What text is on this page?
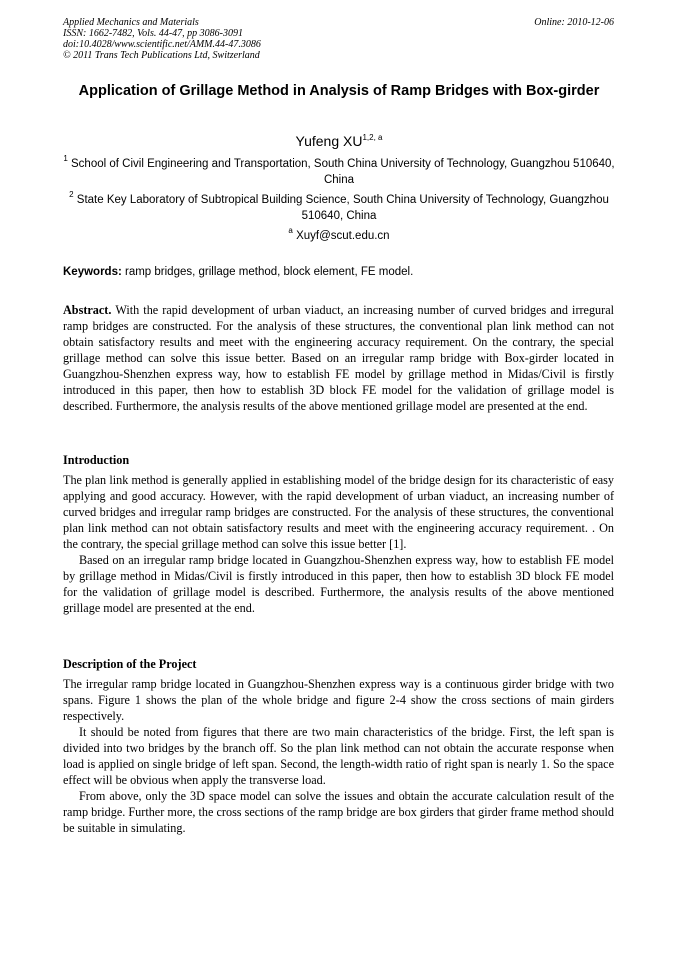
Applied Mechanics and Materials
ISSN: 1662-7482, Vols. 44-47, pp 3086-3091
doi:10.4028/www.scientific.net/AMM.44-47.3086
© 2011 Trans Tech Publications Ltd, Switzerland
Online: 2010-12-06
Application of Grillage Method in Analysis of Ramp Bridges with Box-girder
Yufeng XU$^{1,2, a}$
$^1$ School of Civil Engineering and Transportation, South China University of Technology, Guangzhou 510640, China
$^2$ State Key Laboratory of Subtropical Building Science, South China University of Technology, Guangzhou 510640, China
$^a$ Xuyf@scut.edu.cn
Keywords: ramp bridges, grillage method, block element, FE model.

Abstract. With the rapid development of urban viaduct, an increasing number of curved bridges and irregural ramp bridges are constructed. For the analysis of these structures, the conventional plan link method can not obtain satisfactory results and meet with the engineering accuracy requirement. On the contrary, the special grillage method can solve this issue better. Based on an irregular ramp bridge with Box-girder located in Guangzhou-Shenzhen express way, how to establish FE model by grillage method in Midas/Civil is firstly introduced in this paper, then how to establish 3D block FE model for the validation of grillage model is described. Furthermore, the analysis results of the above mentioned grillage model are presented at the end.

Introduction

The plan link method is generally applied in establishing model of the bridge design for its characteristic of easy applying and good accuracy. However, with the rapid development of urban viaduct, an increasing number of curved bridges and irregular ramp bridges are constructed. For the analysis of these structures, the conventional plan link method can not obtain satisfactory results and meet with the engineering accuracy requirement. . On the contrary, the special grillage method can solve this issue better [1].

Based on an irregular ramp bridge located in Guangzhou-Shenzhen express way, how to establish FE model by grillage method in Midas/Civil is firstly introduced in this paper, then how to establish 3D block FE model for the validation of grillage model is described. Furthermore, the analysis results of the above mentioned grillage model are presented at the end.

Description of the Project

The irregular ramp bridge located in Guangzhou-Shenzhen express way is a continuous girder bridge with two spans. Figure 1 shows the plan of the whole bridge and figure 2-4 show the cross sections of main girders respectively.

It should be noted from figures that there are two main characteristics of the bridge. First, the left span is divided into two bridges by the branch off. So the plan link method can not obtain the accurate response when load is applied on single bridge of left span. Second, the length-width ratio of right span is nearly 1. So the space effect will be obvious when apply the transverse load.

From above, only the 3D space model can solve the issues and obtain the accurate calculation result of the ramp bridge. Further more, the cross sections of the ramp bridge are box girders that girder frame method should be suitable in simulating.
